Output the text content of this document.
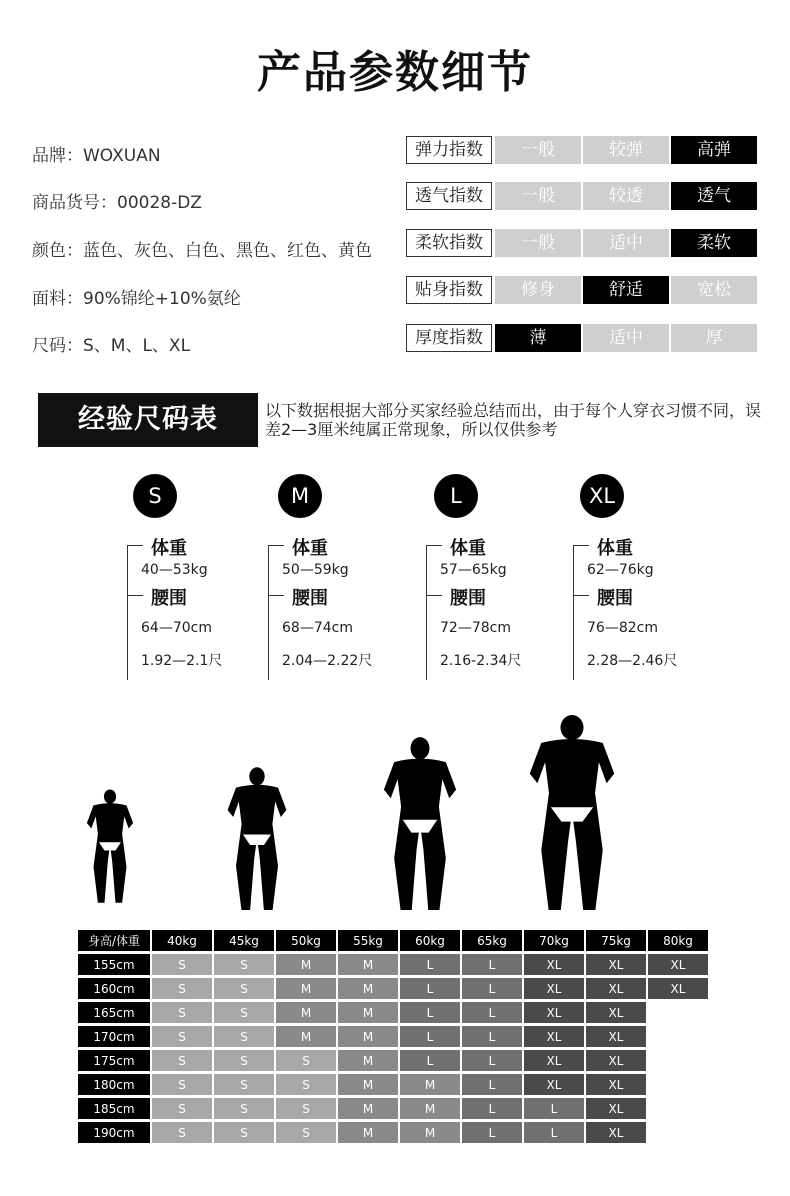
产品参数细节
品牌：WOXUAN
商品货号：00028-DZ
颜色：蓝色、灰色、白色、黑色、红色、黄色
面料：90%锦纶+10%氨纶
尺码：S、M、L、XL
弹力指数	一般	较弹	高弹
透气指数	一般	较透	透气
柔软指数	一般	适中	柔软
贴身指数	修身	舒适	宽松
厚度指数	薄	适中	厚
经验尺码表	以下数据根据大部分买家经验总结而出，由于每个人穿衣习惯不同，误差2—3厘米纯属正常现象，所以仅供参考
S
体重
40—53kg
腰围
64—70cm
1.92—2.1尺
M
体重
50—59kg
腰围
68—74cm
2.04—2.22尺
L
体重
57—65kg
腰围
72—78cm
2.16-2.34尺
XL
体重
62—76kg
腰围
76—82cm
2.28—2.46尺
身高/体重	40kg	45kg	50kg	55kg	60kg	65kg	70kg	75kg	80kg
155cm	S	S	M	M	L	L	XL	XL	XL
160cm	S	S	M	M	L	L	XL	XL	XL
165cm	S	S	M	M	L	L	XL	XL	
170cm	S	S	M	M	L	L	XL	XL	
175cm	S	S	S	M	L	L	XL	XL	
180cm	S	S	S	M	M	L	XL	XL	
185cm	S	S	S	M	M	L	L	XL	
190cm	S	S	S	M	M	L	L	XL	
